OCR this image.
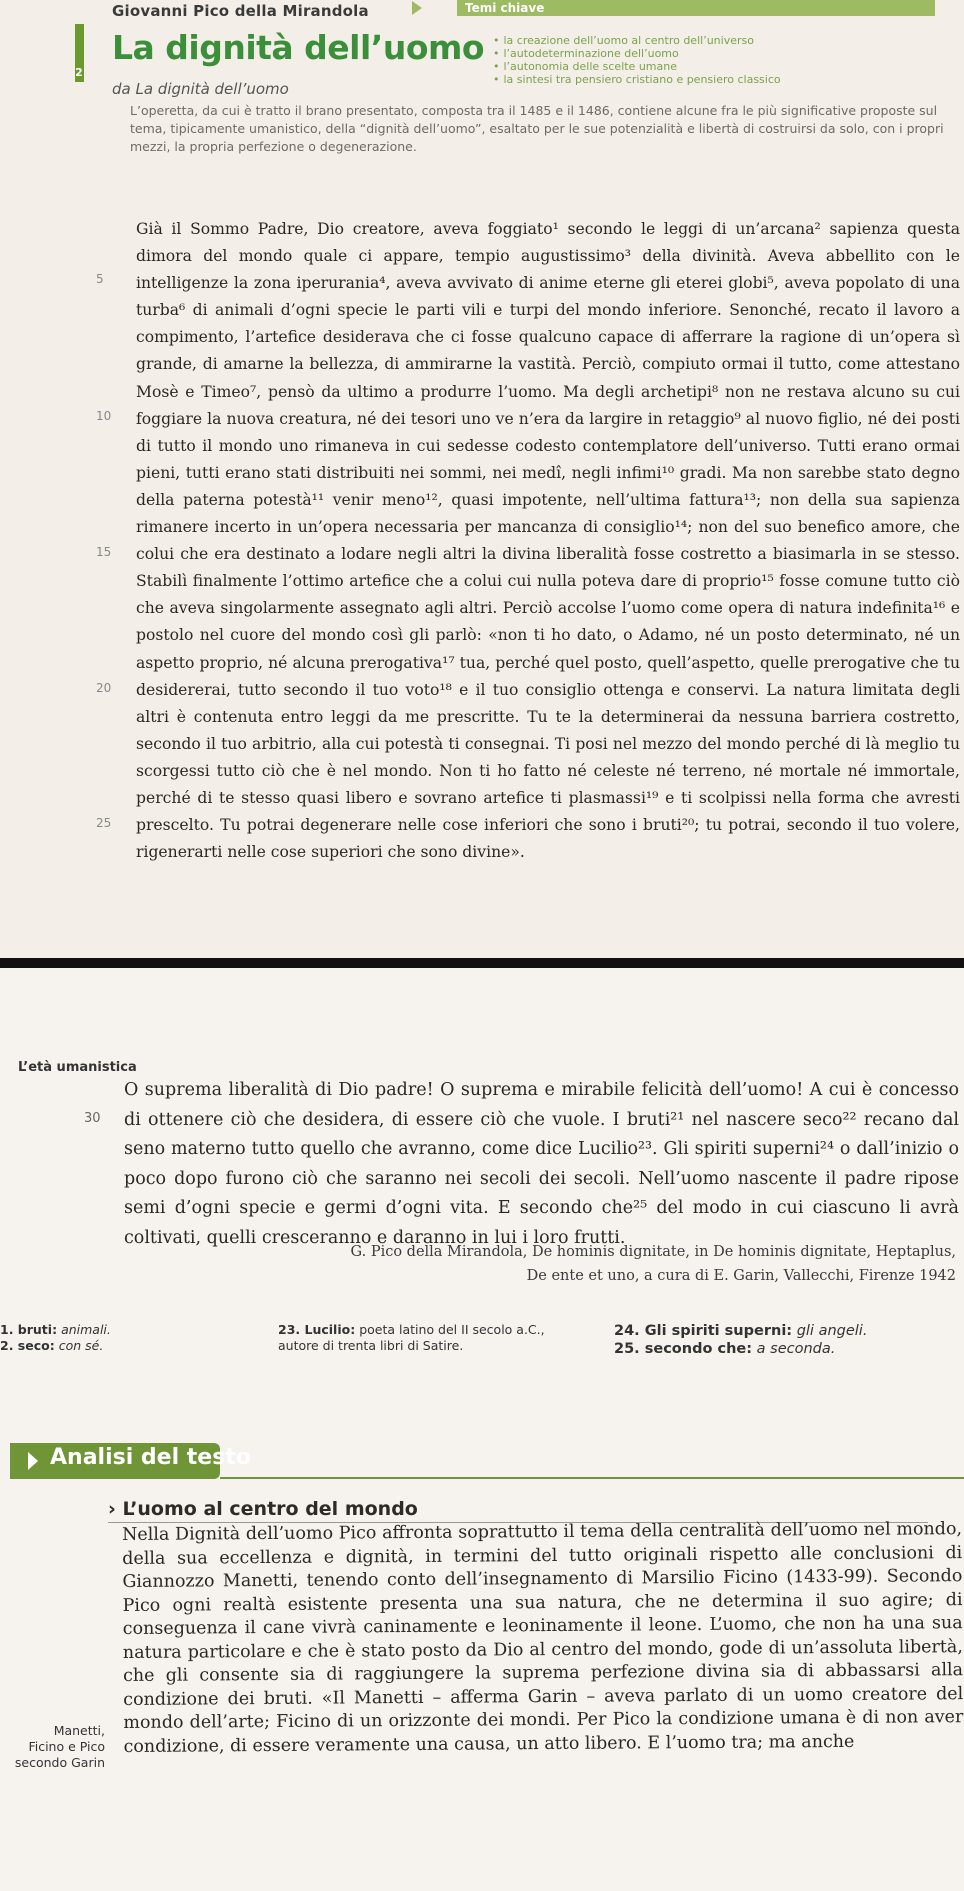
Giovanni Pico della Mirandola
2
La dignità dell’uomo
da La dignità dell’uomo
Temi chiave
• la creazione dell’uomo al centro dell’universo
• l’autodeterminazione dell’uomo
• l’autonomia delle scelte umane
• la sintesi tra pensiero cristiano e pensiero classico

L’operetta, da cui è tratto il brano presentato, composta tra il 1485 e il 1486, contiene alcune fra le più significative proposte sul tema, tipicamente umanistico, della “dignità dell’uomo”, esaltato per le sue potenzialità e libertà di costruirsi da solo, con i propri mezzi, la propria perfezione o degenerazione.

Già il Sommo Padre, Dio creatore, aveva foggiato¹ secondo le leggi di un’arcana² sapienza questa dimora del mondo quale ci appare, tempio augustissimo³ della divinità. Aveva abbellito con le intelligenze la zona iperurania⁴, aveva avvivato di anime eterne gli eterei globi⁵, aveva popolato di una turba⁶ di animali d’ogni specie le parti vili e turpi del mondo inferiore. Senonché, recato il lavoro a compimento, l’artefice desiderava che ci fosse qualcuno capace di afferrare la ragione di un’opera sì grande, di amarne la bellezza, di ammirarne la vastità. Perciò, compiuto ormai il tutto, come attestano Mosè e Timeo⁷, pensò da ultimo a produrre l’uomo. Ma degli archetipi⁸ non ne restava alcuno su cui foggiare la nuova creatura, né dei tesori uno ve n’era da largire in retaggio⁹ al nuovo figlio, né dei posti di tutto il mondo uno rimaneva in cui sedesse codesto contemplatore dell’universo. Tutti erano ormai pieni, tutti erano stati distribuiti nei sommi, nei medî, negli infimi¹⁰ gradi. Ma non sarebbe stato degno della paterna potestà¹¹ venir meno¹², quasi impotente, nell’ultima fattura¹³; non della sua sapienza rimanere incerto in un’opera necessaria per mancanza di consiglio¹⁴; non del suo benefico amore, che colui che era destinato a lodare negli altri la divina liberalità fosse costretto a biasimarla in se stesso. Stabilì finalmente l’ottimo artefice che a colui cui nulla poteva dare di proprio¹⁵ fosse comune tutto ciò che aveva singolarmente assegnato agli altri. Perciò accolse l’uomo come opera di natura indefinita¹⁶ e postolo nel cuore del mondo così gli parlò: «non ti ho dato, o Adamo, né un posto determinato, né un aspetto proprio, né alcuna prerogativa¹⁷ tua, perché quel posto, quell’aspetto, quelle prerogative che tu desidererai, tutto secondo il tuo voto¹⁸ e il tuo consiglio ottenga e conservi. La natura limitata degli altri è contenuta entro leggi da me prescritte. Tu te la determinerai da nessuna barriera costretto, secondo il tuo arbitrio, alla cui potestà ti consegnai. Ti posi nel mezzo del mondo perché di là meglio tu scorgessi tutto ciò che è nel mondo. Non ti ho fatto né celeste né terreno, né mortale né immortale, perché di te stesso quasi libero e sovrano artefice ti plasmassi¹⁹ e ti scolpissi nella forma che avresti prescelto. Tu potrai degenerare nelle cose inferiori che sono i bruti²⁰; tu potrai, secondo il tuo volere, rigenerarti nelle cose superiori che sono divine».

5
10
15
20
25
L’età umanistica

O suprema liberalità di Dio padre! O suprema e mirabile felicità dell’uomo! A cui è concesso di ottenere ciò che desidera, di essere ciò che vuole. I bruti²¹ nel nascere seco²² recano dal seno materno tutto quello che avranno, come dice Lucilio²³. Gli spiriti superni²⁴ o dall’inizio o poco dopo furono ciò che saranno nei secoli dei secoli. Nell’uomo nascente il padre ripose semi d’ogni specie e germi d’ogni vita. E secondo che²⁵ del modo in cui ciascuno li avrà coltivati, quelli cresceranno e daranno in lui i loro frutti.

30
G. Pico della Mirandola, De hominis dignitate, in De hominis dignitate, Heptaplus,
De ente et uno, a cura di E. Garin, Vallecchi, Firenze 1942
1. bruti: animali.
2. seco: con sé.
23. Lucilio: poeta latino del II secolo a.C., autore di trenta libri di Satire.
24. Gli spiriti superni: gli angeli.
25. secondo che: a seconda.
Analisi del testo
› L’uomo al centro del mondo

Nella Dignità dell’uomo Pico affronta soprattutto il tema della centralità dell’uomo nel mondo, della sua eccellenza e dignità, in termini del tutto originali rispetto alle conclusioni di Giannozzo Manetti, tenendo conto dell’insegnamento di Marsilio Ficino (1433-99). Secondo Pico ogni realtà esistente presenta una sua natura, che ne determina il suo agire; di conseguenza il cane vivrà caninamente e leoninamente il leone. L’uomo, che non ha una sua natura particolare e che è stato posto da Dio al centro del mondo, gode di un’assoluta libertà, che gli consente sia di raggiungere la suprema perfezione divina sia di abbassarsi alla condizione dei bruti. «Il Manetti – afferma Garin – aveva parlato di un uomo creatore del mondo dell’arte; Ficino di un orizzonte dei mondi. Per Pico la condizione umana è di non aver condizione, di essere veramente una causa, un atto libero. E l’uomo tra; ma anche

Manetti,
Ficino e Pico
secondo Garin
